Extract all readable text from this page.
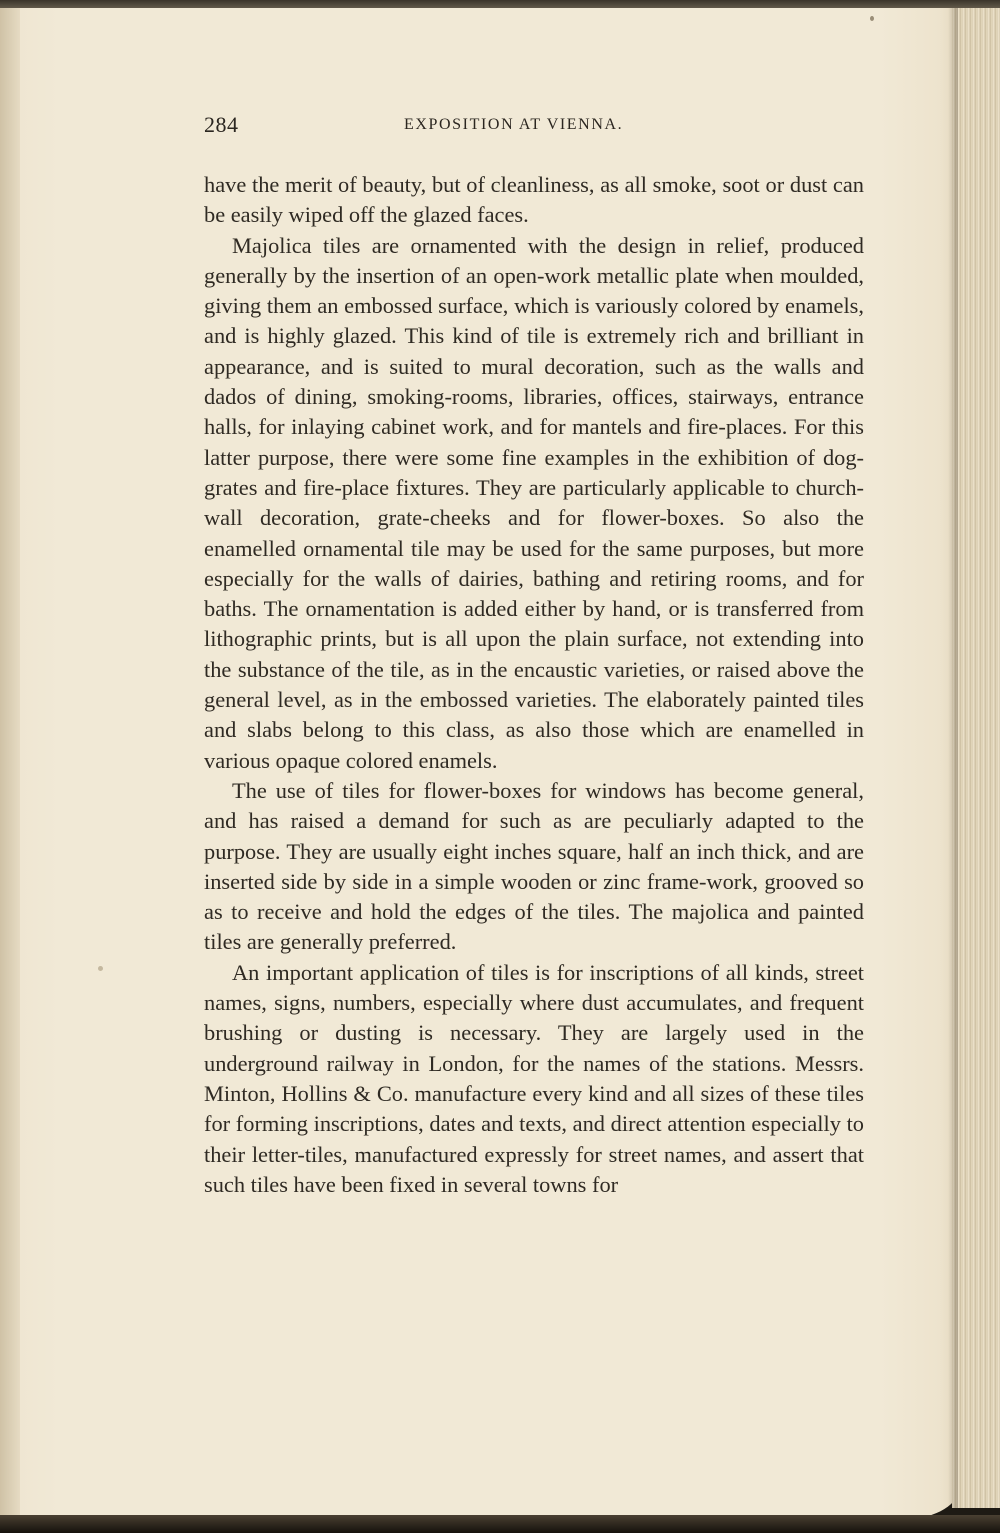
284	EXPOSITION AT VIENNA.

have the merit of beauty, but of cleanliness, as all smoke, soot or dust can be easily wiped off the glazed faces.

Majolica tiles are ornamented with the design in relief, produced generally by the insertion of an open-work metallic plate when moulded, giving them an embossed surface, which is variously colored by enamels, and is highly glazed. This kind of tile is extremely rich and brilliant in appearance, and is suited to mural decoration, such as the walls and dados of dining, smoking-rooms, libraries, offices, stairways, entrance halls, for inlaying cabinet work, and for mantels and fire-places. For this latter purpose, there were some fine examples in the exhibition of dog-grates and fire-place fixtures. They are particularly applicable to church-wall decoration, grate-cheeks and for flower-boxes. So also the enamelled ornamental tile may be used for the same purposes, but more especially for the walls of dairies, bathing and retiring rooms, and for baths. The ornamentation is added either by hand, or is transferred from lithographic prints, but is all upon the plain surface, not extending into the substance of the tile, as in the encaustic varieties, or raised above the general level, as in the embossed varieties. The elaborately painted tiles and slabs belong to this class, as also those which are enamelled in various opaque colored enamels.

The use of tiles for flower-boxes for windows has become general, and has raised a demand for such as are peculiarly adapted to the purpose. They are usually eight inches square, half an inch thick, and are inserted side by side in a simple wooden or zinc frame-work, grooved so as to receive and hold the edges of the tiles. The majolica and painted tiles are generally preferred.

An important application of tiles is for inscriptions of all kinds, street names, signs, numbers, especially where dust accumulates, and frequent brushing or dusting is necessary. They are largely used in the underground railway in London, for the names of the stations. Messrs. Minton, Hollins & Co. manufacture every kind and all sizes of these tiles for forming inscriptions, dates and texts, and direct attention especially to their letter-tiles, manufactured expressly for street names, and assert that such tiles have been fixed in several towns for
